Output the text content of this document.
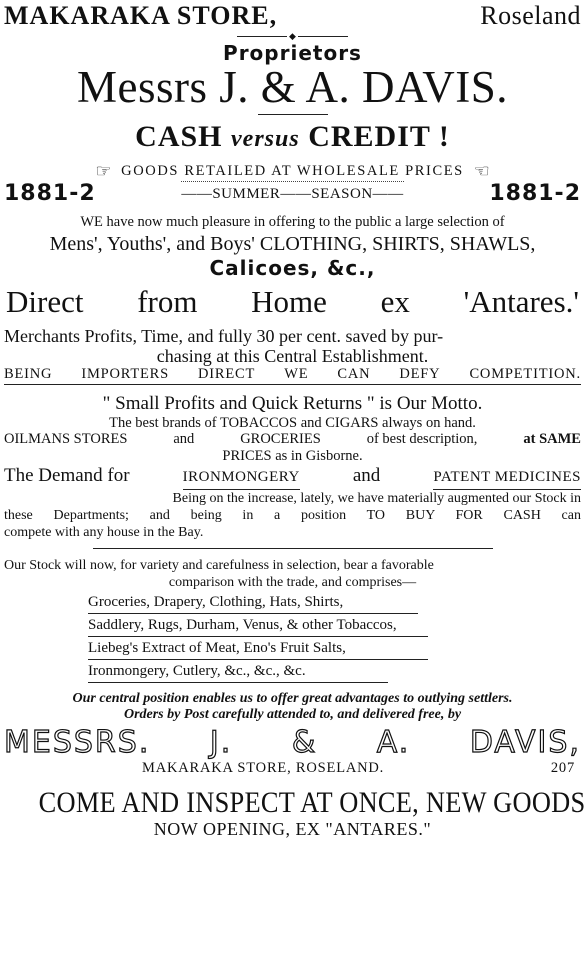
MAKARAKA STORE,	Roseland
◆
Proprietors
Messrs J. & A. DAVIS.
CASH versus CREDIT !
☞ GOODS RETAILED AT WHOLESALE PRICES ☞
1881-2	——SUMMER——SEASON——	1881-2
WE have now much pleasure in offering to the public a large selection of
Mens', Youths', and Boys' CLOTHING, SHIRTS, SHAWLS,
Calicoes, &c.,
Direct from Home ex 'Antares.'
Merchants Profits, Time, and fully 30 per cent. saved by pur-
chasing at this Central Establishment.
BEING IMPORTERS DIRECT WE CAN DEFY COMPETITION.
" Small Profits and Quick Returns " is Our Motto.
The best brands of TOBACCOS and CIGARS always on hand.
OILMANS STORES	and	GROCERIES	of best description,	at SAME
PRICES as in Gisborne.
The Demand for	IRONMONGERY	and	PATENT MEDICINES
Being on the increase, lately, we have materially augmented our Stock in
these Departments; and being in a position TO BUY FOR CASH can
compete with any house in the Bay.
Our Stock will now, for variety and carefulness in selection, bear a favorable
comparison with the trade, and comprises—
Groceries, Drapery, Clothing, Hats, Shirts,
Saddlery, Rugs, Durham, Venus, & other Tobaccos,
Liebeg's Extract of Meat, Eno's Fruit Salts,
Ironmongery, Cutlery, &c., &c., &c.
Our central position enables us to offer great advantages to outlying settlers.
Orders by Post carefully attended to, and delivered free, by
MESSRS. J. & A. DAVIS,
MAKARAKA STORE, ROSELAND.	207
COME AND INSPECT AT ONCE, NEW GOODS
NOW OPENING, EX "ANTARES."
